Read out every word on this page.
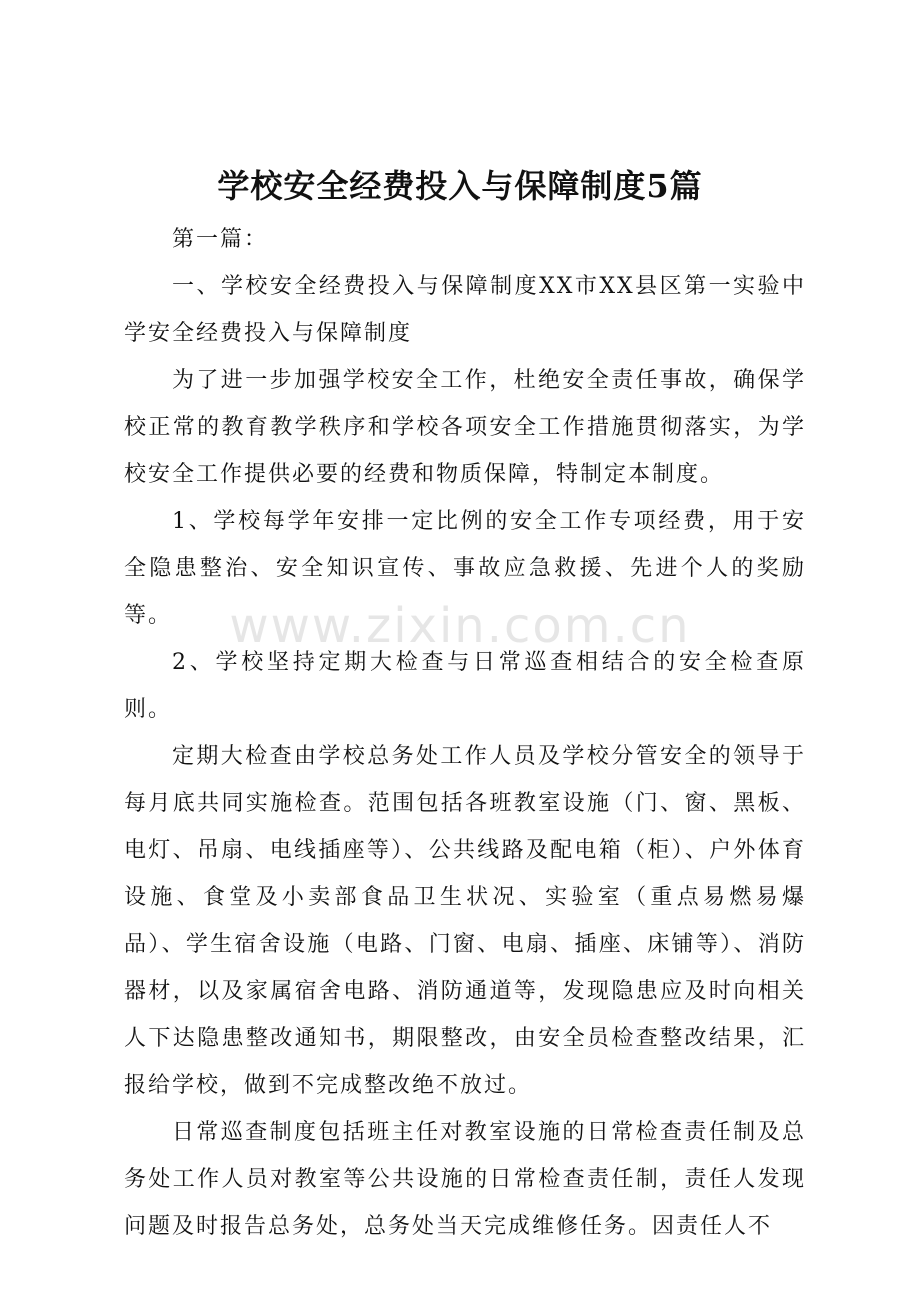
www.zixin.com.cn
学校安全经费投入与保障制度5篇

第一篇：

一、学校安全经费投入与保障制度XX市XX县区第一实验中学安全经费投入与保障制度

为了进一步加强学校安全工作，杜绝安全责任事故，确保学校正常的教育教学秩序和学校各项安全工作措施贯彻落实，为学校安全工作提供必要的经费和物质保障，特制定本制度。

1、学校每学年安排一定比例的安全工作专项经费，用于安全隐患整治、安全知识宣传、事故应急救援、先进个人的奖励等。

2、学校坚持定期大检查与日常巡查相结合的安全检查原则。

定期大检查由学校总务处工作人员及学校分管安全的领导于每月底共同实施检查。范围包括各班教室设施（门、窗、黑板、电灯、吊扇、电线插座等）、公共线路及配电箱（柜）、户外体育设施、食堂及小卖部食品卫生状况、实验室（重点易燃易爆品）、学生宿舍设施（电路、门窗、电扇、插座、床铺等）、消防器材，以及家属宿舍电路、消防通道等，发现隐患应及时向相关人下达隐患整改通知书，期限整改，由安全员检查整改结果，汇报给学校，做到不完成整改绝不放过。

日常巡查制度包括班主任对教室设施的日常检查责任制及总务处工作人员对教室等公共设施的日常检查责任制，责任人发现问题及时报告总务处，总务处当天完成维修任务。因责任人不
